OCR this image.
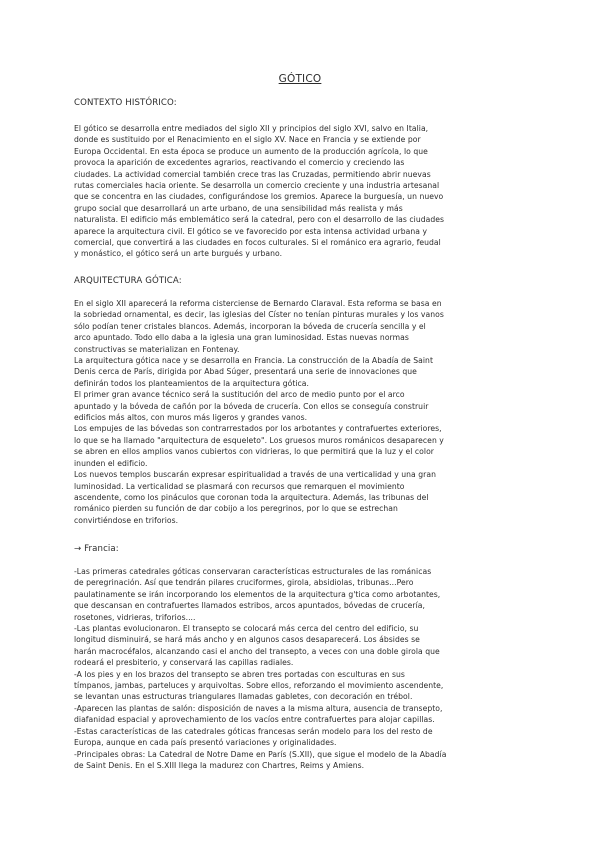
GÓTICO
CONTEXTO HISTÓRICO:

El gótico se desarrolla entre mediados del siglo XII y principios del siglo XVI, salvo en Italia,

donde es sustituido por el Renacimiento en el siglo XV. Nace en Francia y se extiende por

Europa Occidental. En esta época se produce un aumento de la producción agrícola, lo que

provoca la aparición de excedentes agrarios, reactivando el comercio y creciendo las

ciudades. La actividad comercial también crece tras las Cruzadas, permitiendo abrir nuevas

rutas comerciales hacia oriente. Se desarrolla un comercio creciente y una industria artesanal

que se concentra en las ciudades, configurándose los gremios. Aparece la burguesía, un nuevo

grupo social que desarrollará un arte urbano, de una sensibilidad más realista y más

naturalista. El edificio más emblemático será la catedral, pero con el desarrollo de las ciudades

aparece la arquitectura civil. El gótico se ve favorecido por esta intensa actividad urbana y

comercial, que convertirá a las ciudades en focos culturales. Si el románico era agrario, feudal

y monástico, el gótico será un arte burgués y urbano.

ARQUITECTURA GÓTICA:

En el siglo XII aparecerá la reforma cisterciense de Bernardo Claraval. Esta reforma se basa en

la sobriedad ornamental, es decir, las iglesias del Císter no tenían pinturas murales y los vanos

sólo podían tener cristales blancos. Además, incorporan la bóveda de crucería sencilla y el

arco apuntado. Todo ello daba a la iglesia una gran luminosidad. Estas nuevas normas

constructivas se materializan en Fontenay.

La arquitectura gótica nace y se desarrolla en Francia. La construcción de la Abadía de Saint

Denis cerca de París, dirigida por Abad Súger, presentará una serie de innovaciones que

definirán todos los planteamientos de la arquitectura gótica.

El primer gran avance técnico será la sustitución del arco de medio punto por el arco

apuntado y la bóveda de cañón por la bóveda de crucería. Con ellos se conseguía construir

edificios más altos, con muros más ligeros y grandes vanos.

Los empujes de las bóvedas son contrarrestados por los arbotantes y contrafuertes exteriores,

lo que se ha llamado "arquitectura de esqueleto". Los gruesos muros románicos desaparecen y

se abren en ellos amplios vanos cubiertos con vidrieras, lo que permitirá que la luz y el color

inunden el edificio.

Los nuevos templos buscarán expresar espiritualidad a través de una verticalidad y una gran

luminosidad. La verticalidad se plasmará con recursos que remarquen el movimiento

ascendente, como los pináculos que coronan toda la arquitectura. Además, las tribunas del

románico pierden su función de dar cobijo a los peregrinos, por lo que se estrechan

convirtiéndose en triforios.

→ Francia:

-Las primeras catedrales góticas conservaran características estructurales de las románicas

de peregrinación. Así que tendrán pilares cruciformes, girola, absidiolas, tribunas...Pero

paulatinamente se irán incorporando los elementos de la arquitectura g'tica como arbotantes,

que descansan en contrafuertes llamados estribos, arcos apuntados, bóvedas de crucería,

rosetones, vidrieras, triforios....

-Las plantas evolucionaron. El transepto se colocará más cerca del centro del edificio, su

longitud disminuirá, se hará más ancho y en algunos casos desaparecerá. Los ábsides se

harán macrocéfalos, alcanzando casi el ancho del transepto, a veces con una doble girola que

rodeará el presbiterio, y conservará las capillas radiales.

-A los pies y en los brazos del transepto se abren tres portadas con esculturas en sus

tímpanos, jambas, parteluces y arquivoltas. Sobre ellos, reforzando el movimiento ascendente,

se levantan unas estructuras triangulares llamadas gabletes, con decoración en trébol.

-Aparecen las plantas de salón: disposición de naves a la misma altura, ausencia de transepto,

diafanidad espacial y aprovechamiento de los vacíos entre contrafuertes para alojar capillas.

-Estas características de las catedrales góticas francesas serán modelo para los del resto de

Europa, aunque en cada país presentó variaciones y originalidades.

-Principales obras: La Catedral de Notre Dame en París (S.XII), que sigue el modelo de la Abadía

de Saint Denis. En el S.XIII llega la madurez con Chartres, Reims y Amiens.
